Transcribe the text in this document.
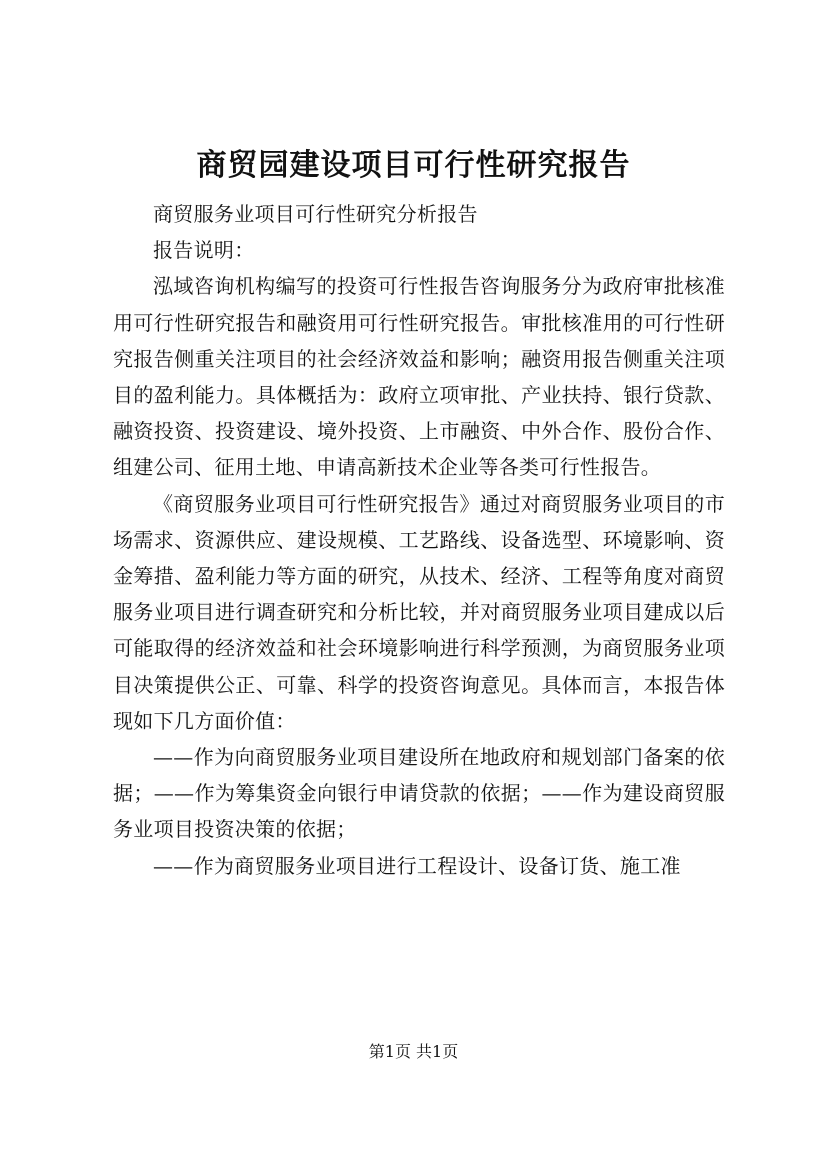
商贸园建设项目可行性研究报告

商贸服务业项目可行性研究分析报告

报告说明：

泓域咨询机构编写的投资可行性报告咨询服务分为政府审批核准用可行性研究报告和融资用可行性研究报告。审批核准用的可行性研究报告侧重关注项目的社会经济效益和影响；融资用报告侧重关注项目的盈利能力。具体概括为：政府立项审批、产业扶持、银行贷款、融资投资、投资建设、境外投资、上市融资、中外合作、股份合作、组建公司、征用土地、申请高新技术企业等各类可行性报告。

《商贸服务业项目可行性研究报告》通过对商贸服务业项目的市场需求、资源供应、建设规模、工艺路线、设备选型、环境影响、资金筹措、盈利能力等方面的研究，从技术、经济、工程等角度对商贸服务业项目进行调查研究和分析比较，并对商贸服务业项目建成以后可能取得的经济效益和社会环境影响进行科学预测，为商贸服务业项目决策提供公正、可靠、科学的投资咨询意见。具体而言，本报告体现如下几方面价值：

——作为向商贸服务业项目建设所在地政府和规划部门备案的依据；——作为筹集资金向银行申请贷款的依据；——作为建设商贸服务业项目投资决策的依据；

——作为商贸服务业项目进行工程设计、设备订货、施工准

第1页 共1页
